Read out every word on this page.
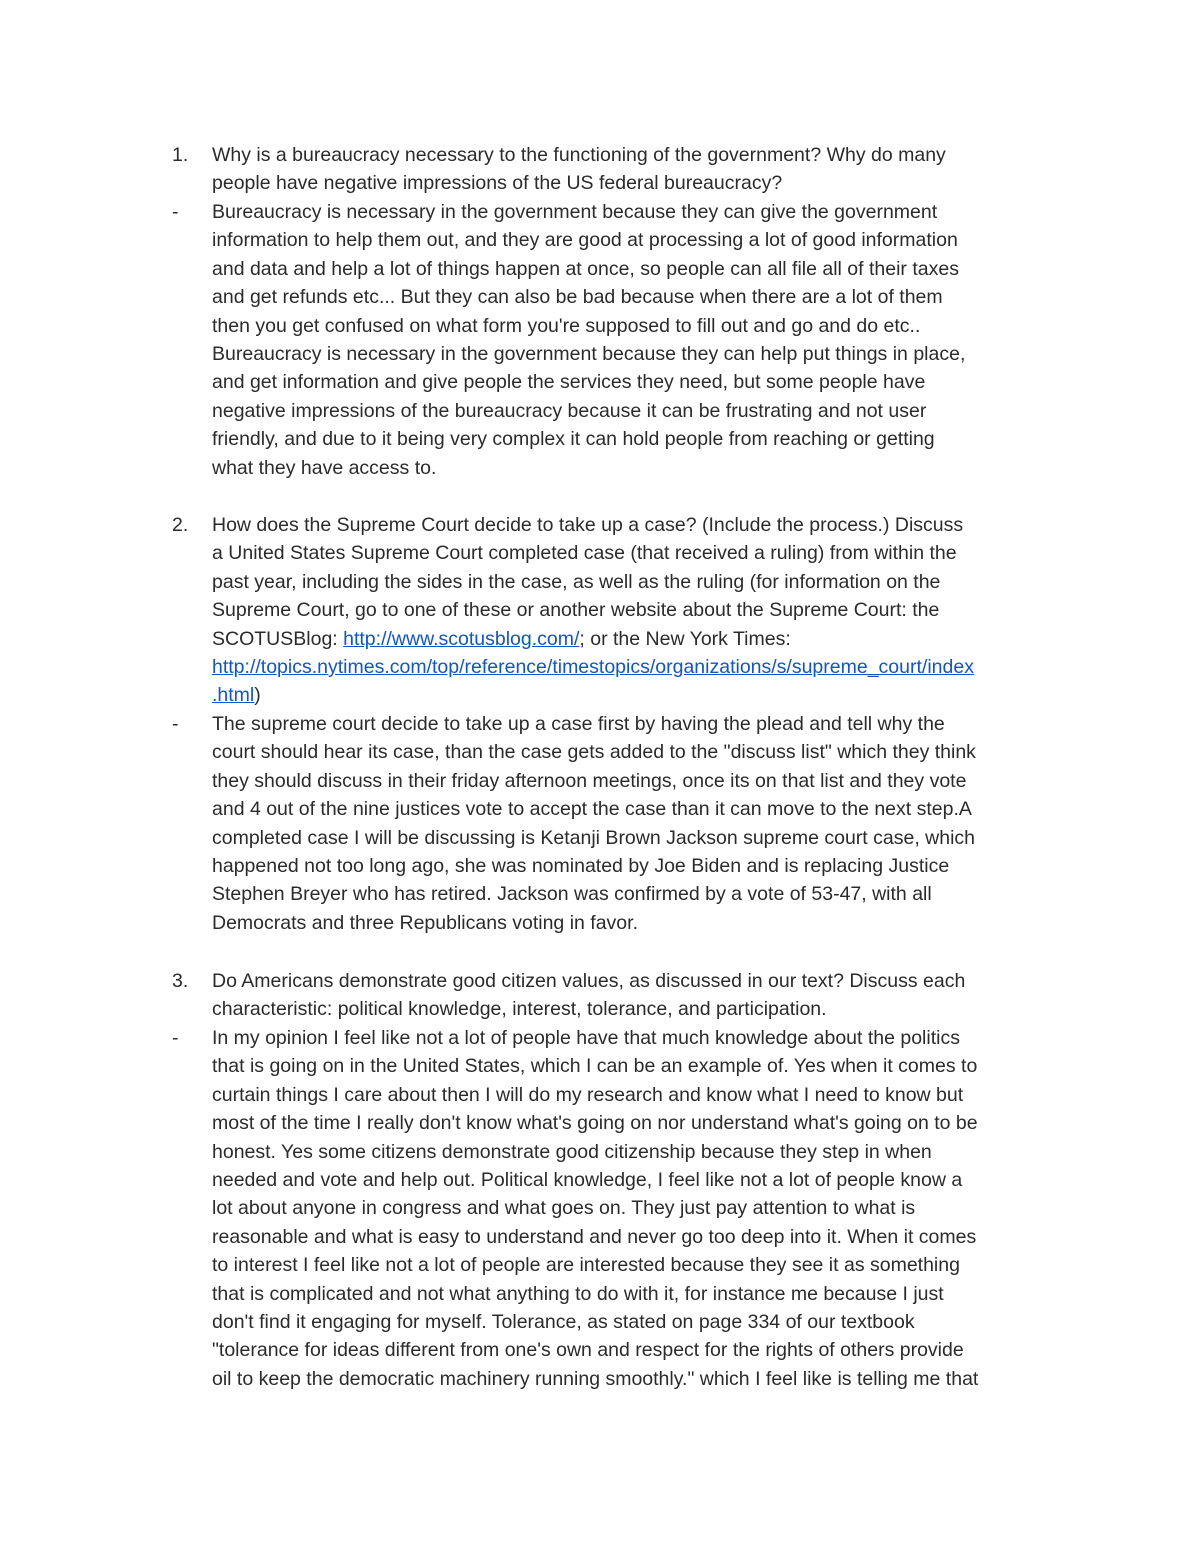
1.	Why is a bureaucracy necessary to the functioning of the government? Why do many
people have negative impressions of the US federal bureaucracy?
-	Bureaucracy is necessary in the government because they can give the government
information to help them out, and they are good at processing a lot of good information
and data and help a lot of things happen at once, so people can all file all of their taxes
and get refunds etc... But they can also be bad because when there are a lot of them
then you get confused on what form you're supposed to fill out and go and do etc..
Bureaucracy is necessary in the government because they can help put things in place,
and get information and give people the services they need, but some people have
negative impressions of the bureaucracy because it can be frustrating and not user
friendly, and due to it being very complex it can hold people from reaching or getting
what they have access to.
2.	How does the Supreme Court decide to take up a case? (Include the process.) Discuss
a United States Supreme Court completed case (that received a ruling) from within the
past year, including the sides in the case, as well as the ruling (for information on the
Supreme Court, go to one of these or another website about the Supreme Court: the
SCOTUSBlog: http://www.scotusblog.com/; or the New York Times:
http://topics.nytimes.com/top/reference/timestopics/organizations/s/supreme_court/index
.html)
-	The supreme court decide to take up a case first by having the plead and tell why the
court should hear its case, than the case gets added to the "discuss list" which they think
they should discuss in their friday afternoon meetings, once its on that list and they vote
and 4 out of the nine justices vote to accept the case than it can move to the next step.A
completed case I will be discussing is Ketanji Brown Jackson supreme court case, which
happened not too long ago, she was nominated by Joe Biden and is replacing Justice
Stephen Breyer who has retired. Jackson was confirmed by a vote of 53-47, with all
Democrats and three Republicans voting in favor.
3.	Do Americans demonstrate good citizen values, as discussed in our text? Discuss each
characteristic: political knowledge, interest, tolerance, and participation.
-	In my opinion I feel like not a lot of people have that much knowledge about the politics
that is going on in the United States, which I can be an example of. Yes when it comes to
curtain things I care about then I will do my research and know what I need to know but
most of the time I really don't know what's going on nor understand what's going on to be
honest. Yes some citizens demonstrate good citizenship because they step in when
needed and vote and help out. Political knowledge, I feel like not a lot of people know a
lot about anyone in congress and what goes on. They just pay attention to what is
reasonable and what is easy to understand and never go too deep into it. When it comes
to interest I feel like not a lot of people are interested because they see it as something
that is complicated and not what anything to do with it, for instance me because I just
don't find it engaging for myself. Tolerance, as stated on page 334 of our textbook
"tolerance for ideas different from one's own and respect for the rights of others provide
oil to keep the democratic machinery running smoothly." which I feel like is telling me that
